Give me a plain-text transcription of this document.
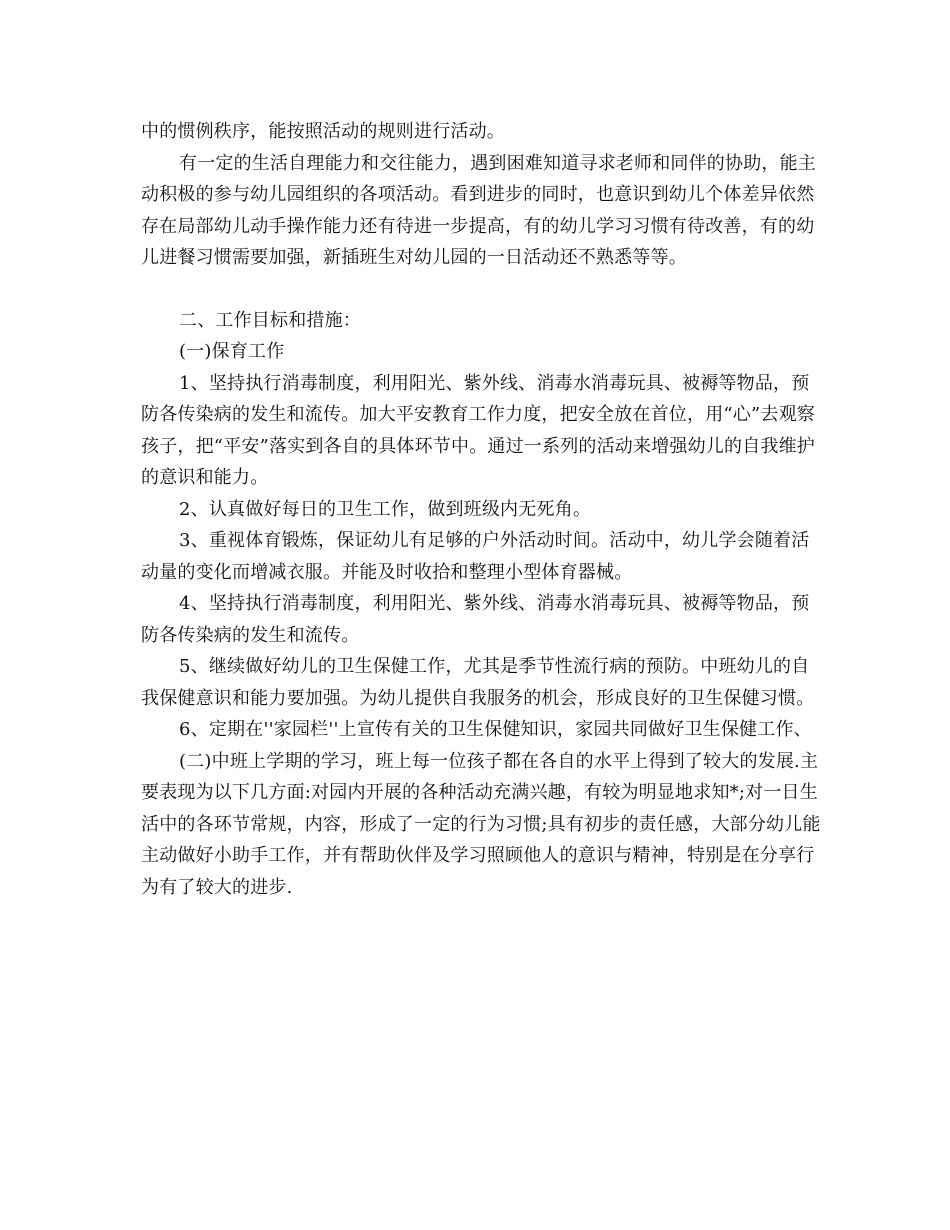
中的惯例秩序，能按照活动的规则进行活动。

有一定的生活自理能力和交往能力，遇到困难知道寻求老师和同伴的协助，能主动积极的参与幼儿园组织的各项活动。看到进步的同时，也意识到幼儿个体差异依然存在局部幼儿动手操作能力还有待进一步提高，有的幼儿学习习惯有待改善，有的幼儿进餐习惯需要加强，新插班生对幼儿园的一日活动还不熟悉等等。

二、工作目标和措施：

(一)保育工作

1、坚持执行消毒制度，利用阳光、紫外线、消毒水消毒玩具、被褥等物品，预防各传染病的发生和流传。加大平安教育工作力度，把安全放在首位，用“心”去观察孩子，把“平安”落实到各自的具体环节中。通过一系列的活动来增强幼儿的自我维护的意识和能力。

2、认真做好每日的卫生工作，做到班级内无死角。

3、重视体育锻炼，保证幼儿有足够的户外活动时间。活动中，幼儿学会随着活动量的变化而增减衣服。并能及时收拾和整理小型体育器械。

4、坚持执行消毒制度，利用阳光、紫外线、消毒水消毒玩具、被褥等物品，预防各传染病的发生和流传。

5、继续做好幼儿的卫生保健工作，尤其是季节性流行病的预防。中班幼儿的自我保健意识和能力要加强。为幼儿提供自我服务的机会，形成良好的卫生保健习惯。

6、定期在''家园栏''上宣传有关的卫生保健知识，家园共同做好卫生保健工作、

(二)中班上学期的学习，班上每一位孩子都在各自的水平上得到了较大的发展.主要表现为以下几方面:对园内开展的各种活动充满兴趣，有较为明显地求知*;对一日生活中的各环节常规，内容，形成了一定的行为习惯;具有初步的责任感，大部分幼儿能主动做好小助手工作，并有帮助伙伴及学习照顾他人的意识与精神，特别是在分享行为有了较大的进步.
